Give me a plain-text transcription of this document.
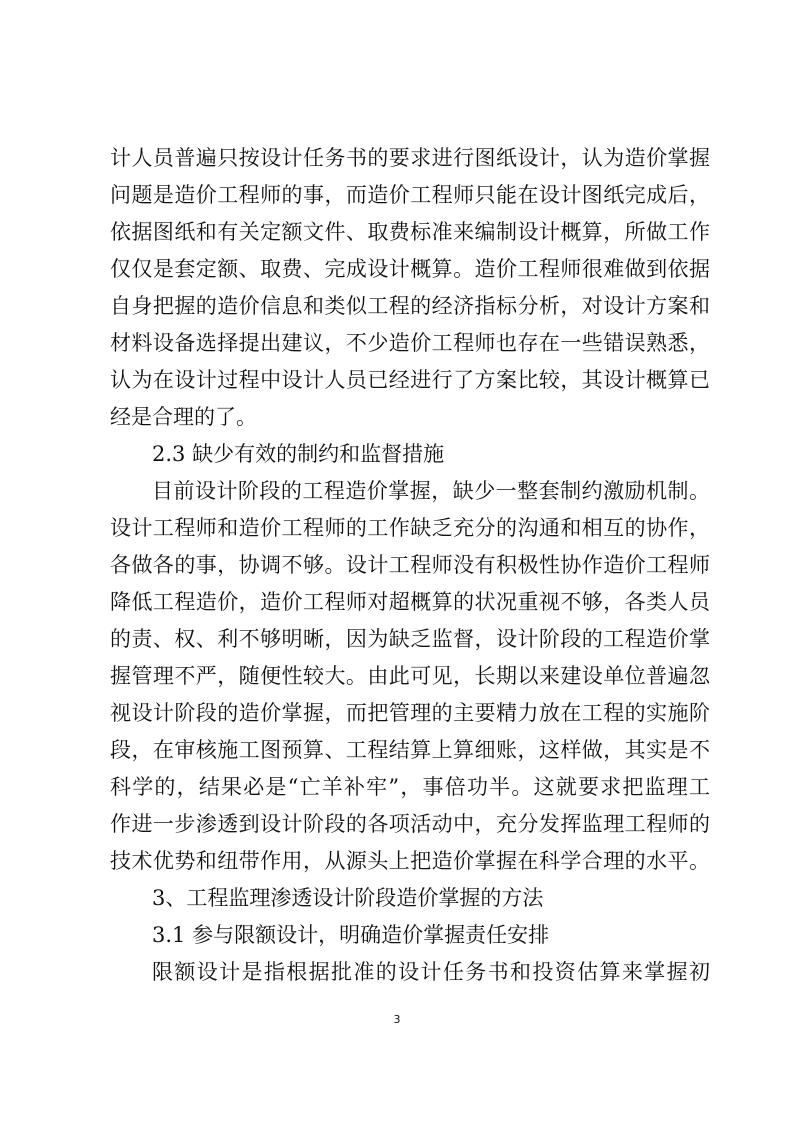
计人员普遍只按设计任务书的要求进行图纸设计，认为造价掌握
问题是造价工程师的事，而造价工程师只能在设计图纸完成后，
依据图纸和有关定额文件、取费标准来编制设计概算，所做工作
仅仅是套定额、取费、完成设计概算。造价工程师很难做到依据
自身把握的造价信息和类似工程的经济指标分析，对设计方案和
材料设备选择提出建议，不少造价工程师也存在一些错误熟悉，
认为在设计过程中设计人员已经进行了方案比较，其设计概算已
经是合理的了。
2.3 缺少有效的制约和监督措施
目前设计阶段的工程造价掌握，缺少一整套制约激励机制。
设计工程师和造价工程师的工作缺乏充分的沟通和相互的协作，
各做各的事，协调不够。设计工程师没有积极性协作造价工程师
降低工程造价，造价工程师对超概算的状况重视不够，各类人员
的责、权、利不够明晰，因为缺乏监督，设计阶段的工程造价掌
握管理不严，随便性较大。由此可见，长期以来建设单位普遍忽
视设计阶段的造价掌握，而把管理的主要精力放在工程的实施阶
段，在审核施工图预算、工程结算上算细账，这样做，其实是不
科学的，结果必是“亡羊补牢”，事倍功半。这就要求把监理工
作进一步渗透到设计阶段的各项活动中，充分发挥监理工程师的
技术优势和纽带作用，从源头上把造价掌握在科学合理的水平。
3、工程监理渗透设计阶段造价掌握的方法
3.1 参与限额设计，明确造价掌握责任安排
限额设计是指根据批准的设计任务书和投资估算来掌握初
3
